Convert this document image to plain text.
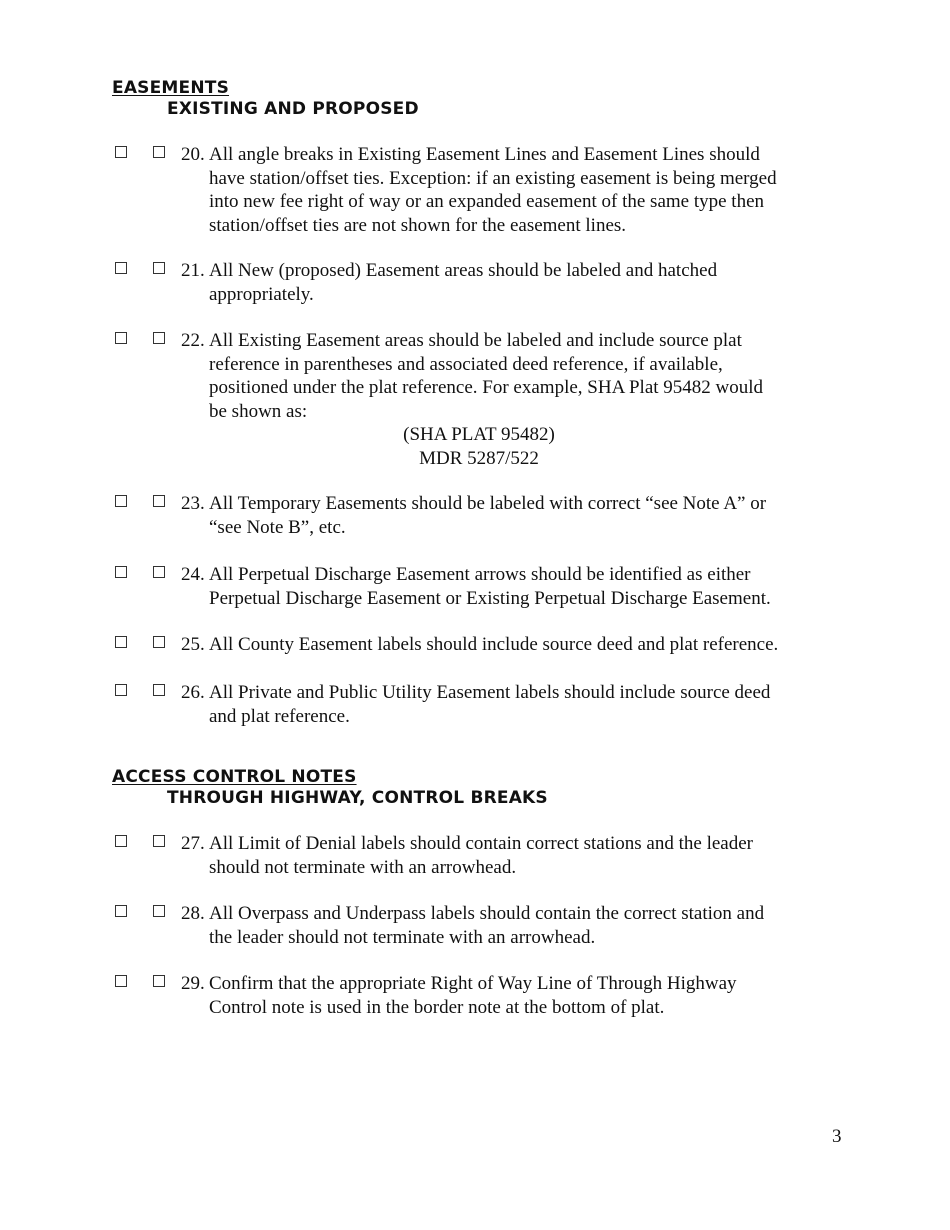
EASEMENTS
EXISTING AND PROPOSED
20. All angle breaks in Existing Easement Lines and Easement Lines should
have station/offset ties. Exception: if an existing easement is being merged
into new fee right of way or an expanded easement of the same type then
station/offset ties are not shown for the easement lines.
21. All New (proposed) Easement areas should be labeled and hatched
appropriately.
22. All Existing Easement areas should be labeled and include source plat
reference in parentheses and associated deed reference, if available,
positioned under the plat reference. For example, SHA Plat 95482 would
be shown as:
(SHA PLAT 95482)
MDR 5287/522
23. All Temporary Easements should be labeled with correct “see Note A” or
“see Note B”, etc.
24. All Perpetual Discharge Easement arrows should be identified as either
Perpetual Discharge Easement or Existing Perpetual Discharge Easement.
25. All County Easement labels should include source deed and plat reference.
26. All Private and Public Utility Easement labels should include source deed
and plat reference.
ACCESS CONTROL NOTES
THROUGH HIGHWAY, CONTROL BREAKS
27. All Limit of Denial labels should contain correct stations and the leader
should not terminate with an arrowhead.
28. All Overpass and Underpass labels should contain the correct station and
the leader should not terminate with an arrowhead.
29. Confirm that the appropriate Right of Way Line of Through Highway
Control note is used in the border note at the bottom of plat.
3
